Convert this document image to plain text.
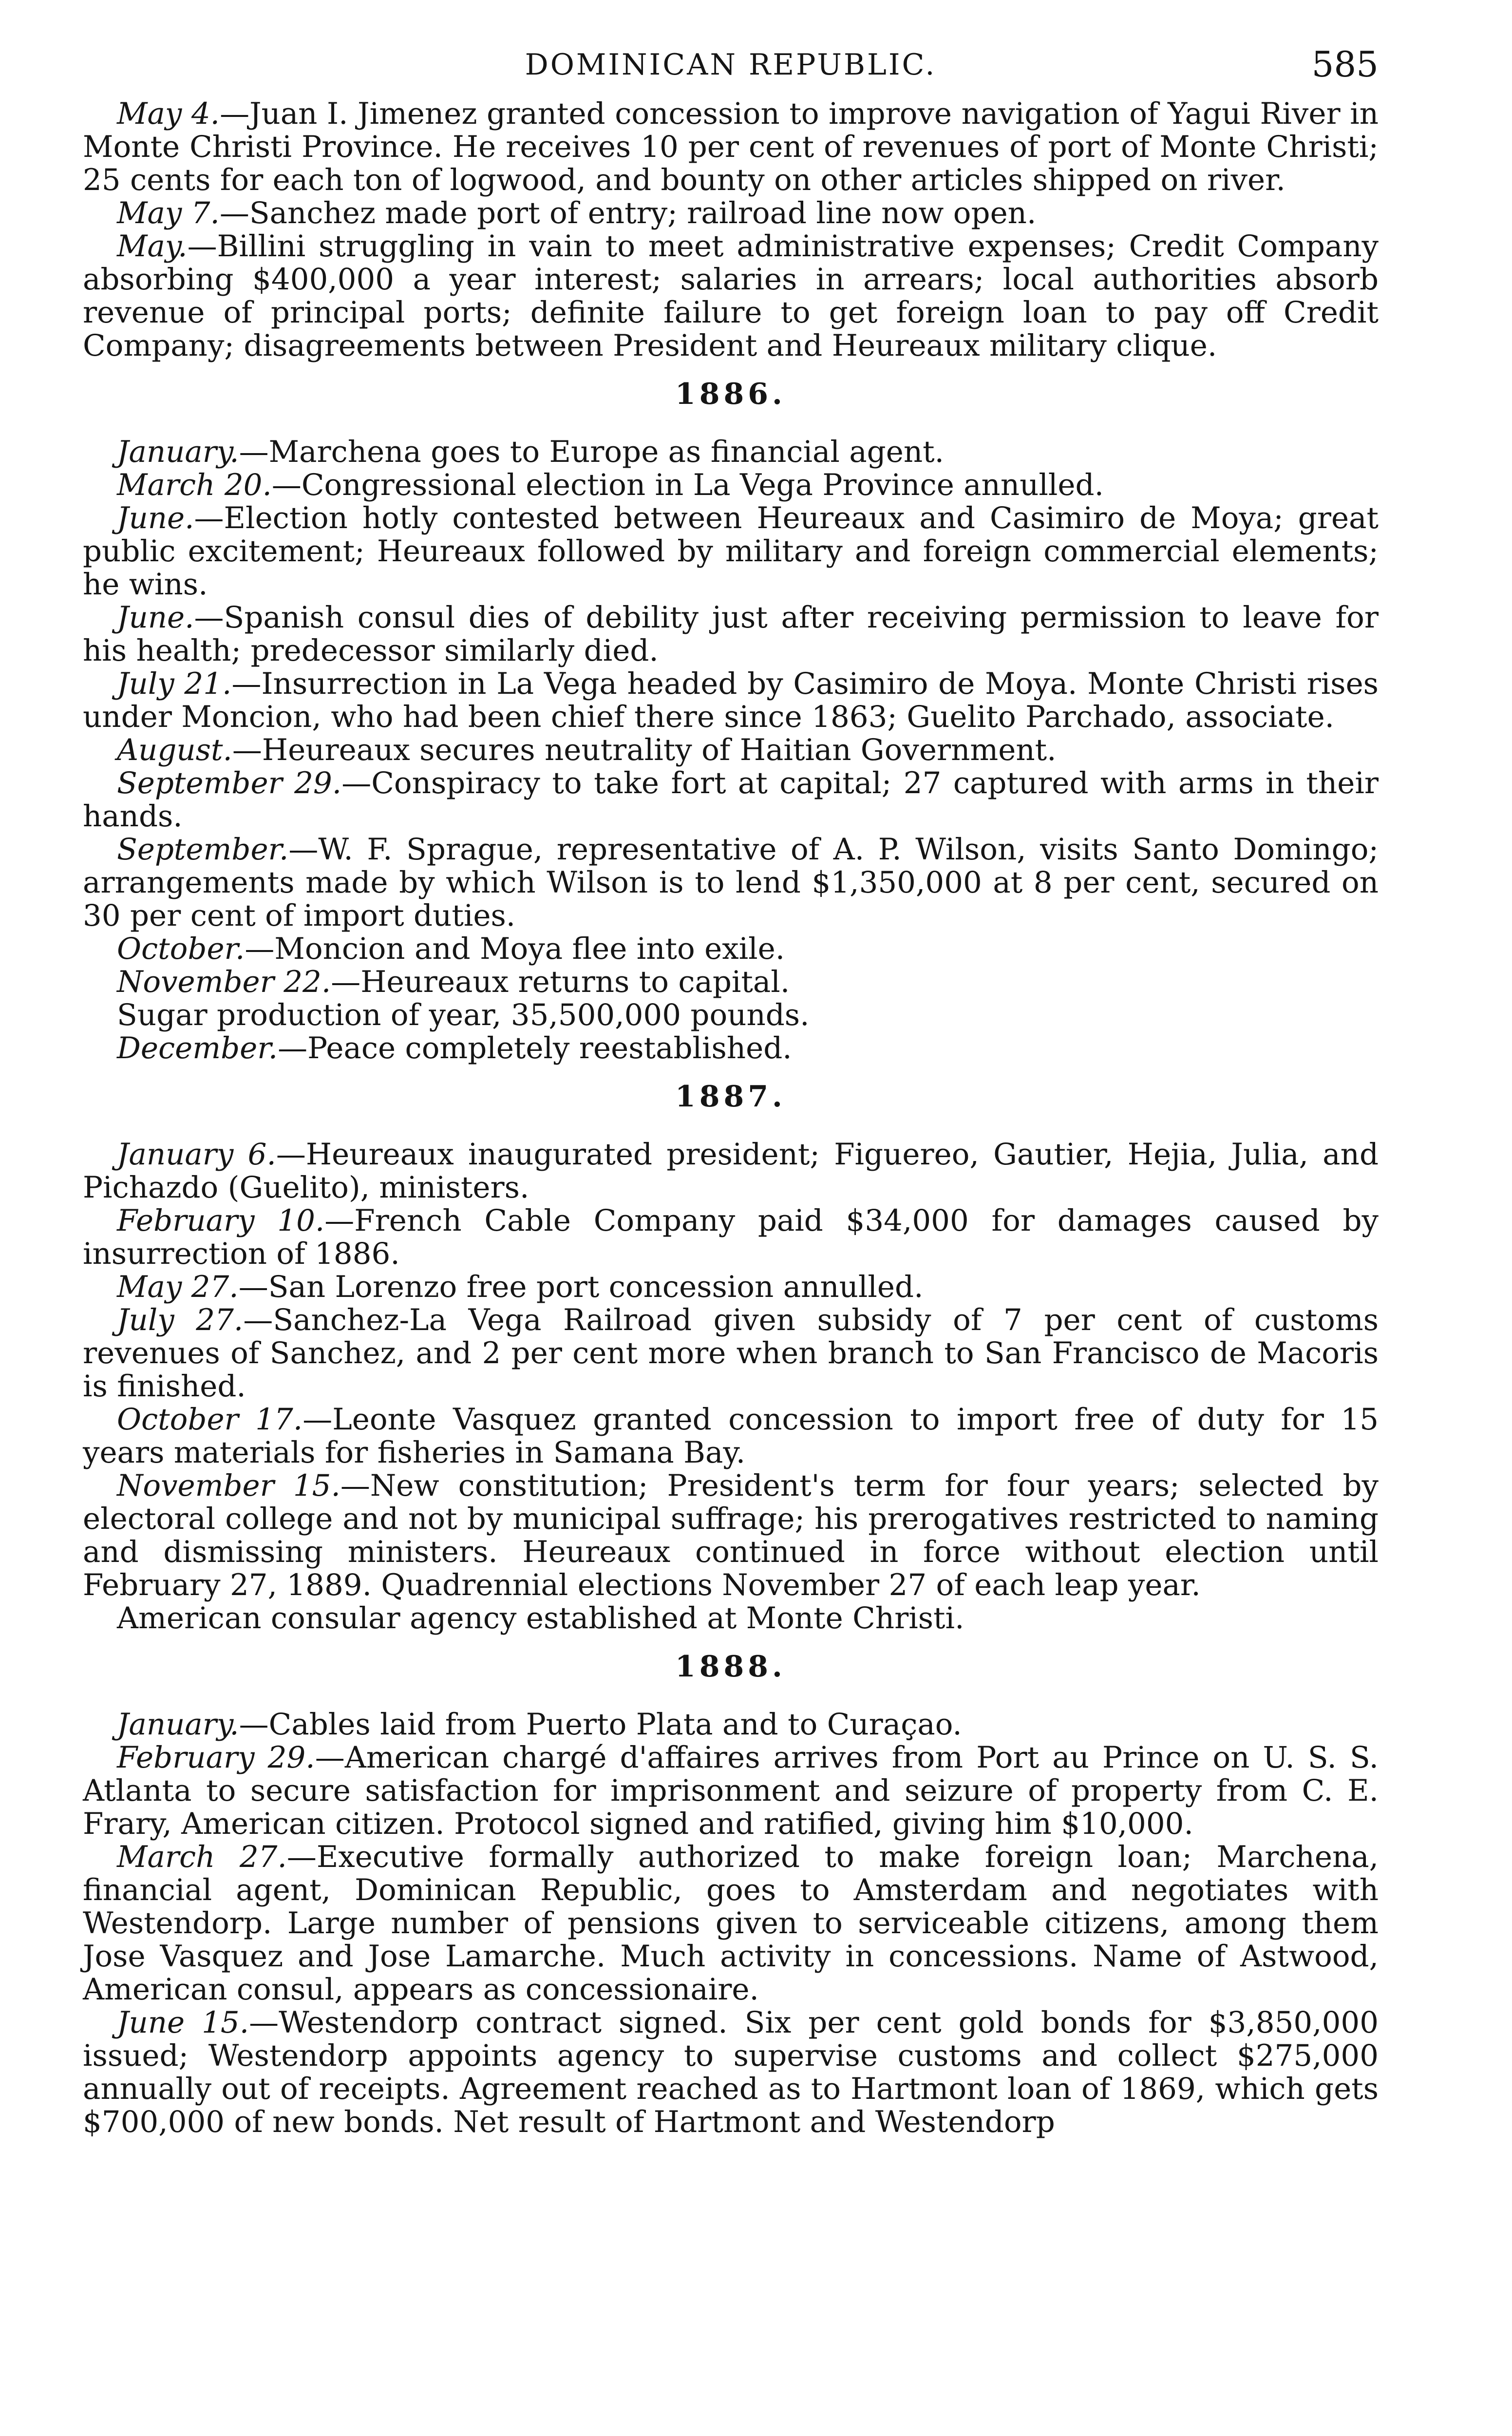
DOMINICAN REPUBLIC.	585

May 4.—Juan I. Jimenez granted concession to improve navigation of Yagui River in Monte Christi Province. He receives 10 per cent of revenues of port of Monte Christi; 25 cents for each ton of logwood, and bounty on other articles shipped on river.

May 7.—Sanchez made port of entry; railroad line now open.

May.—Billini struggling in vain to meet administrative expenses; Credit Company absorbing $400,000 a year interest; salaries in arrears; local authorities absorb revenue of principal ports; definite failure to get foreign loan to pay off Credit Company; disagreements between President and Heureaux military clique.

1886.

January.—Marchena goes to Europe as financial agent.

March 20.—Congressional election in La Vega Province annulled.

June.—Election hotly contested between Heureaux and Casimiro de Moya; great public excitement; Heureaux followed by military and foreign commercial elements; he wins.

June.—Spanish consul dies of debility just after receiving permission to leave for his health; predecessor similarly died.

July 21.—Insurrection in La Vega headed by Casimiro de Moya. Monte Christi rises under Moncion, who had been chief there since 1863; Guelito Parchado, associate.

August.—Heureaux secures neutrality of Haitian Government.

September 29.—Conspiracy to take fort at capital; 27 captured with arms in their hands.

September.—W. F. Sprague, representative of A. P. Wilson, visits Santo Domingo; arrangements made by which Wilson is to lend $1,350,000 at 8 per cent, secured on 30 per cent of import duties.

October.—Moncion and Moya flee into exile.

November 22.—Heureaux returns to capital.

Sugar production of year, 35,500,000 pounds.

December.—Peace completely reestablished.

1887.

January 6.—Heureaux inaugurated president; Figuereo, Gautier, Hejia, Julia, and Pichazdo (Guelito), ministers.

February 10.—French Cable Company paid $34,000 for damages caused by insurrection of 1886.

May 27.—San Lorenzo free port concession annulled.

July 27.—Sanchez-La Vega Railroad given subsidy of 7 per cent of customs revenues of Sanchez, and 2 per cent more when branch to San Francisco de Macoris is finished.

October 17.—Leonte Vasquez granted concession to import free of duty for 15 years materials for fisheries in Samana Bay.

November 15.—New constitution; President's term for four years; selected by electoral college and not by municipal suffrage; his prerogatives restricted to naming and dismissing ministers. Heureaux continued in force without election until February 27, 1889. Quadrennial elections November 27 of each leap year.

American consular agency established at Monte Christi.

1888.

January.—Cables laid from Puerto Plata and to Curaçao.

February 29.—American chargé d'affaires arrives from Port au Prince on U. S. S. Atlanta to secure satisfaction for imprisonment and seizure of property from C. E. Frary, American citizen. Protocol signed and ratified, giving him $10,000.

March 27.—Executive formally authorized to make foreign loan; Marchena, financial agent, Dominican Republic, goes to Amsterdam and negotiates with Westendorp. Large number of pensions given to serviceable citizens, among them Jose Vasquez and Jose Lamarche. Much activity in concessions. Name of Astwood, American consul, appears as concessionaire.

June 15.—Westendorp contract signed. Six per cent gold bonds for $3,850,000 issued; Westendorp appoints agency to supervise customs and collect $275,000 annually out of receipts. Agreement reached as to Hartmont loan of 1869, which gets $700,000 of new bonds. Net result of Hartmont and Westendorp
